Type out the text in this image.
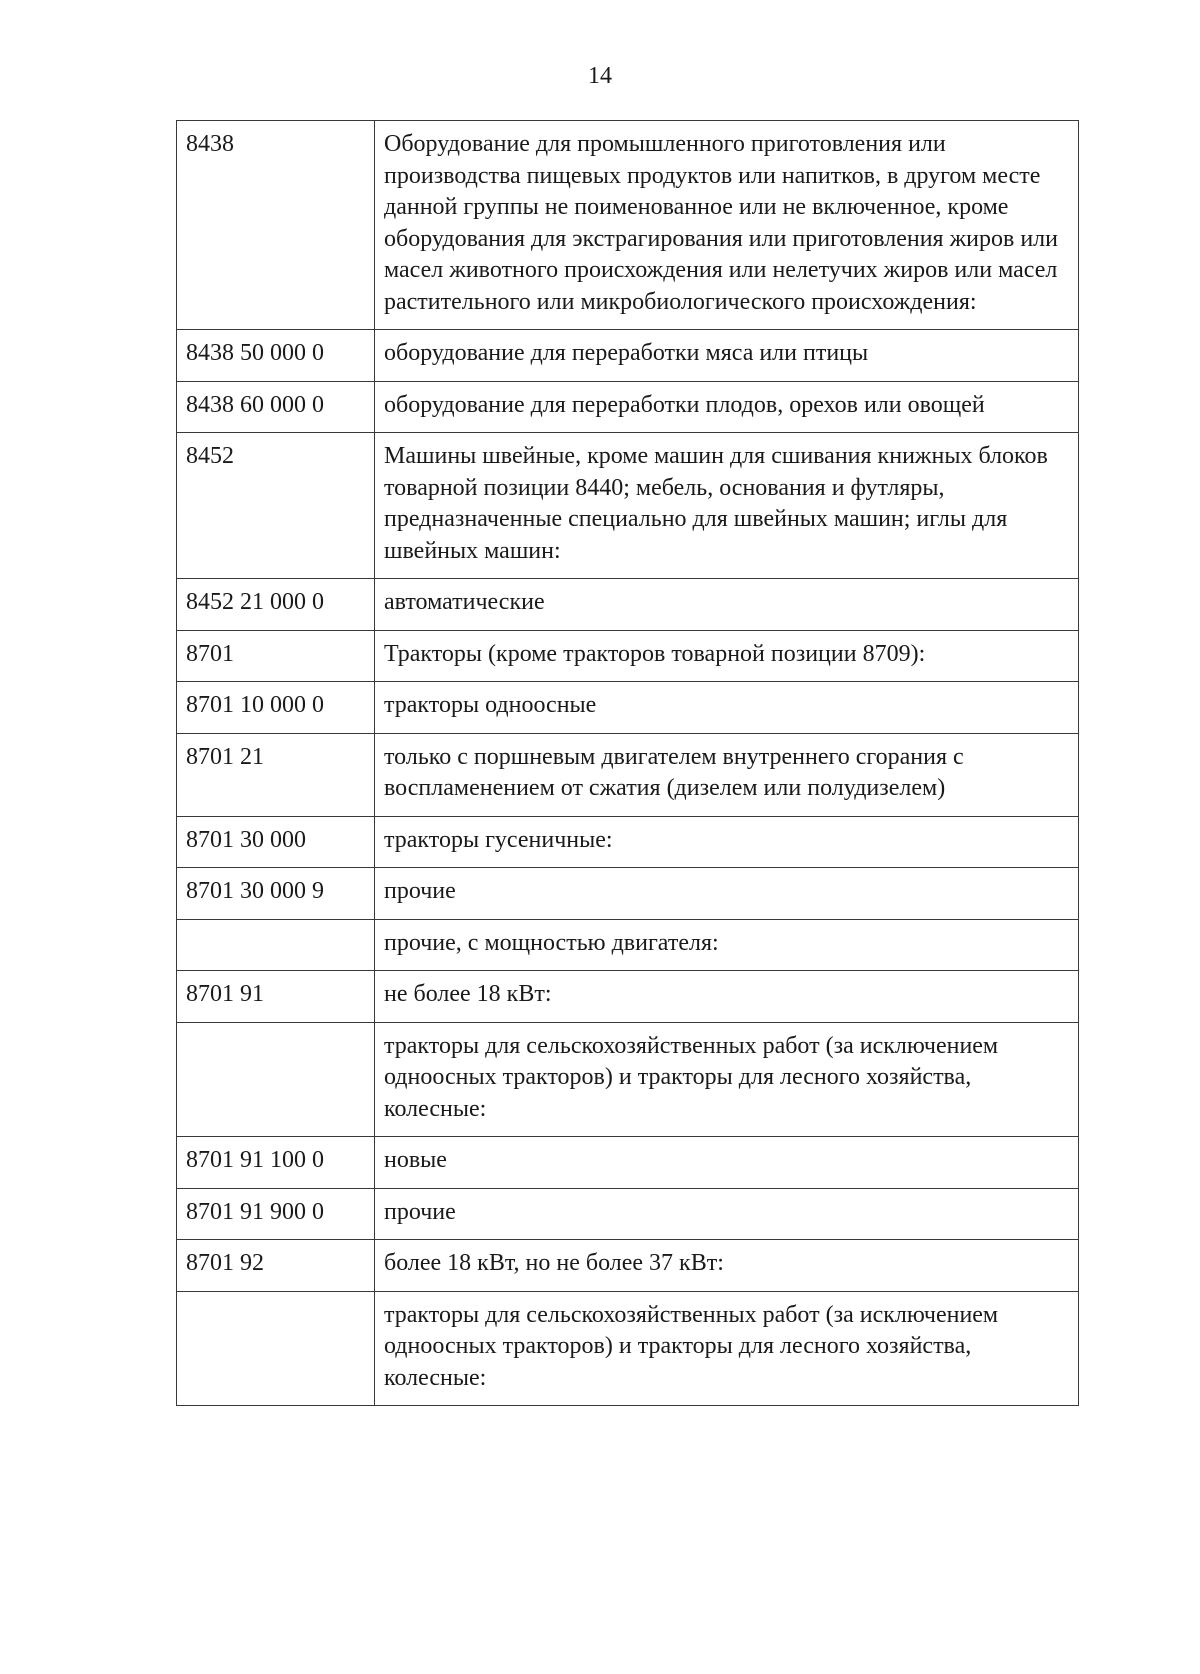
14
8438	Оборудование для промышленного приготовления или производства пищевых продуктов или напитков, в другом месте данной группы не поименованное или не включенное, кроме оборудования для экстрагирования или приготовления жиров или масел животного происхождения или нелетучих жиров или масел растительного или микробиологического происхождения:
8438 50 000 0	оборудование для переработки мяса или птицы
8438 60 000 0	оборудование для переработки плодов, орехов или овощей
8452	Машины швейные, кроме машин для сшивания книжных блоков товарной позиции 8440; мебель, основания и футляры, предназначенные специально для швейных машин; иглы для швейных машин:
8452 21 000 0	автоматические
8701	Тракторы (кроме тракторов товарной позиции 8709):
8701 10 000 0	тракторы одноосные
8701 21	только с поршневым двигателем внутреннего сгорания с воспламенением от сжатия (дизелем или полудизелем)
8701 30 000	тракторы гусеничные:
8701 30 000 9	прочие
	прочие, с мощностью двигателя:
8701 91	не более 18 кВт:
	тракторы для сельскохозяйственных работ (за исключением одноосных тракторов) и тракторы для лесного хозяйства, колесные:
8701 91 100 0	новые
8701 91 900 0	прочие
8701 92	более 18 кВт, но не более 37 кВт:
	тракторы для сельскохозяйственных работ (за исключением одноосных тракторов) и тракторы для лесного хозяйства, колесные:
